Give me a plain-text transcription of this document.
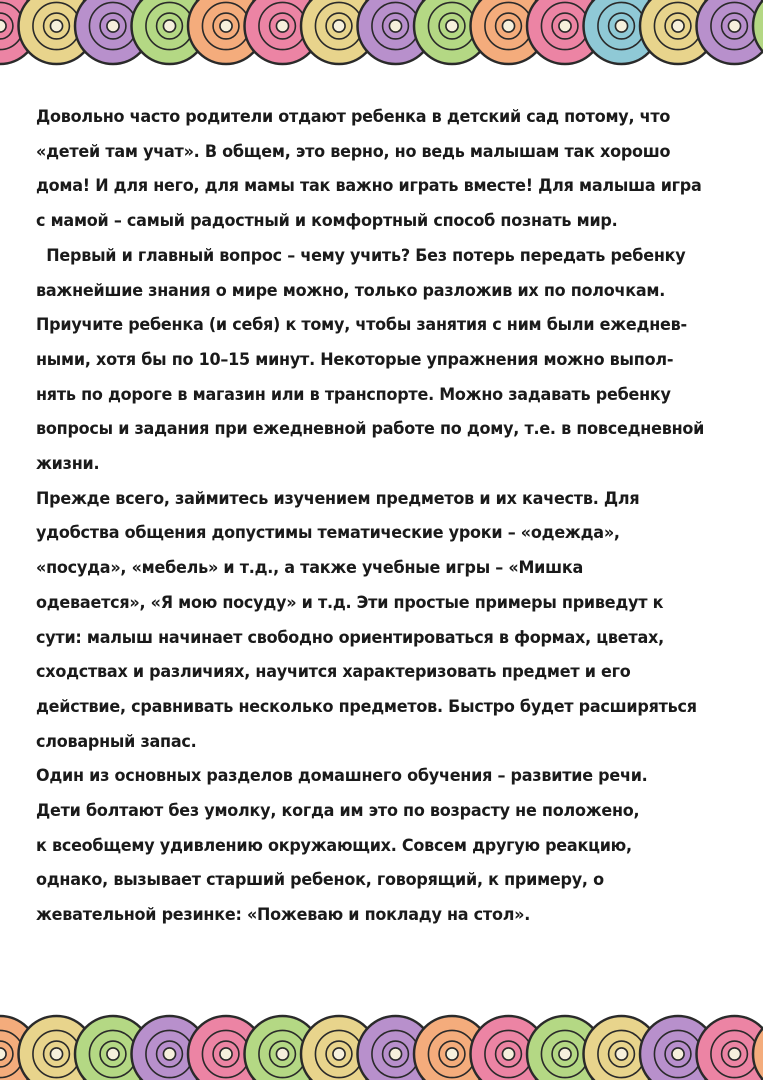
Довольно часто родители отдают ребенка в детский сад потому, что
«детей там учат». В общем, это верно, но ведь малышам так хорошо
дома! И для него, для мамы так важно играть вместе! Для малыша игра
с мамой – самый радостный и комфортный способ познать мир.
Первый и главный вопрос – чему учить? Без потерь передать ребенку
важнейшие знания о мире можно, только разложив их по полочкам.
Приучите ребенка (и себя) к тому, чтобы занятия с ним были ежеднев-
ными, хотя бы по 10–15 минут. Некоторые упражнения можно выпол-
нять по дороге в магазин или в транспорте. Можно задавать ребенку
вопросы и задания при ежедневной работе по дому, т.е. в повседневной
жизни.
Прежде всего, займитесь изучением предметов и их качеств. Для
удобства общения допустимы тематические уроки – «одежда»,
«посуда», «мебель» и т.д., а также учебные игры – «Мишка
одевается», «Я мою посуду» и т.д. Эти простые примеры приведут к
сути: малыш начинает свободно ориентироваться в формах, цветах,
сходствах и различиях, научится характеризовать предмет и его
действие, сравнивать несколько предметов. Быстро будет расширяться
словарный запас.
Один из основных разделов домашнего обучения – развитие речи.
Дети болтают без умолку, когда им это по возрасту не положено,
к всеобщему удивлению окружающих. Совсем другую реакцию,
однако, вызывает старший ребенок, говорящий, к примеру, о
жевательной резинке: «Пожеваю и покладу на стол».
